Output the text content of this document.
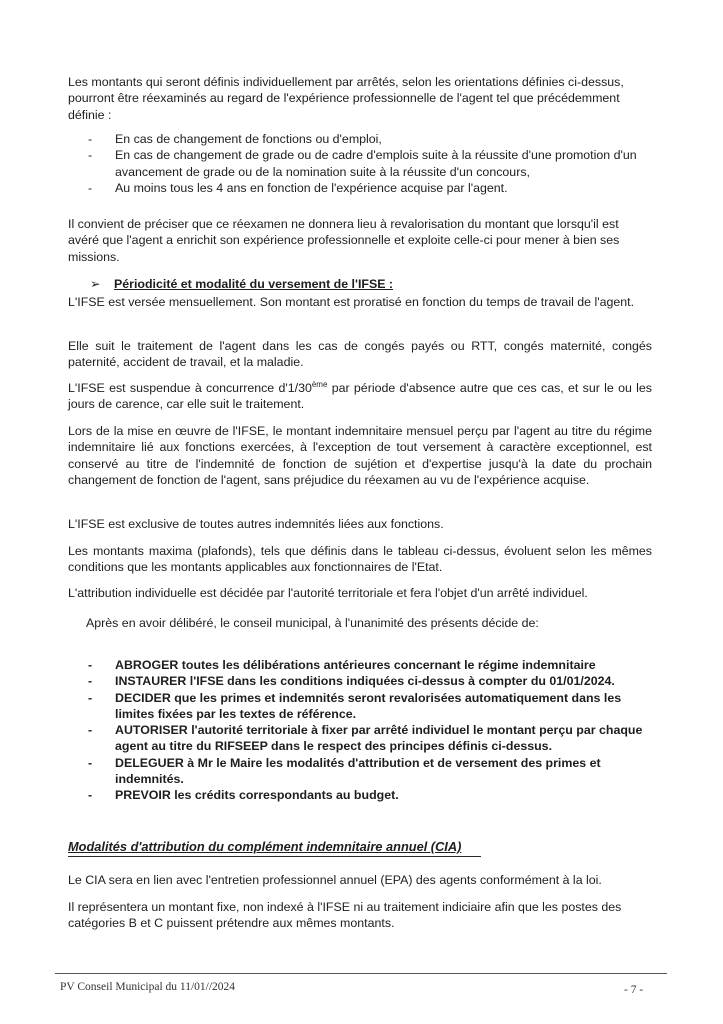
Les montants qui seront définis individuellement par arrêtés, selon les orientations définies ci-dessus, pourront être réexaminés au regard de l'expérience professionnelle de l'agent tel que précédemment définie :

- En cas de changement de fonctions ou d'emploi,
- En cas de changement de grade ou de cadre d'emplois suite à la réussite d'une promotion d'un avancement de grade ou de la nomination suite à la réussite d'un concours,
- Au moins tous les 4 ans en fonction de l'expérience acquise par l'agent.

Il convient de préciser que ce réexamen ne donnera lieu à revalorisation du montant que lorsqu'il est avéré que l'agent a enrichit son expérience professionnelle et exploite celle-ci pour mener à bien ses missions.

➢ Périodicité et modalité du versement de l'IFSE :

L'IFSE est versée mensuellement. Son montant est proratisé en fonction du temps de travail de l'agent.

Elle suit le traitement de l'agent dans les cas de congés payés ou RTT, congés maternité, congés paternité, accident de travail, et la maladie.

L'IFSE est suspendue à concurrence d'1/30ème par période d'absence autre que ces cas, et sur le ou les jours de carence, car elle suit le traitement.

Lors de la mise en œuvre de l'IFSE, le montant indemnitaire mensuel perçu par l'agent au titre du régime indemnitaire lié aux fonctions exercées, à l'exception de tout versement à caractère exceptionnel, est conservé au titre de l'indemnité de fonction de sujétion et d'expertise jusqu'à la date du prochain changement de fonction de l'agent, sans préjudice du réexamen au vu de l'expérience acquise.

L'IFSE est exclusive de toutes autres indemnités liées aux fonctions.

Les montants maxima (plafonds), tels que définis dans le tableau ci-dessus, évoluent selon les mêmes conditions que les montants applicables aux fonctionnaires de l'Etat.

L'attribution individuelle est décidée par l'autorité territoriale et fera l'objet d'un arrêté individuel.

Après en avoir délibéré, le conseil municipal, à l'unanimité des présents décide de:

- ABROGER toutes les délibérations antérieures concernant le régime indemnitaire
- INSTAURER l'IFSE dans les conditions indiquées ci-dessus à compter du 01/01/2024.
- DECIDER que les primes et indemnités seront revalorisées automatiquement dans les limites fixées par les textes de référence.
- AUTORISER l'autorité territoriale à fixer par arrêté individuel le montant perçu par chaque agent au titre du RIFSEEP dans le respect des principes définis ci-dessus.
- DELEGUER à Mr le Maire les modalités d'attribution et de versement des primes et indemnités.
- PREVOIR les crédits correspondants au budget.
Modalités d'attribution du complément indemnitaire annuel (CIA)

Le CIA sera en lien avec l'entretien professionnel annuel (EPA) des agents conformément à la loi.

Il représentera un montant fixe, non indexé à l'IFSE ni au traitement indiciaire afin que les postes des catégories B et C puissent prétendre aux mêmes montants.

PV Conseil Municipal du 11/01//2024	- 7 -
